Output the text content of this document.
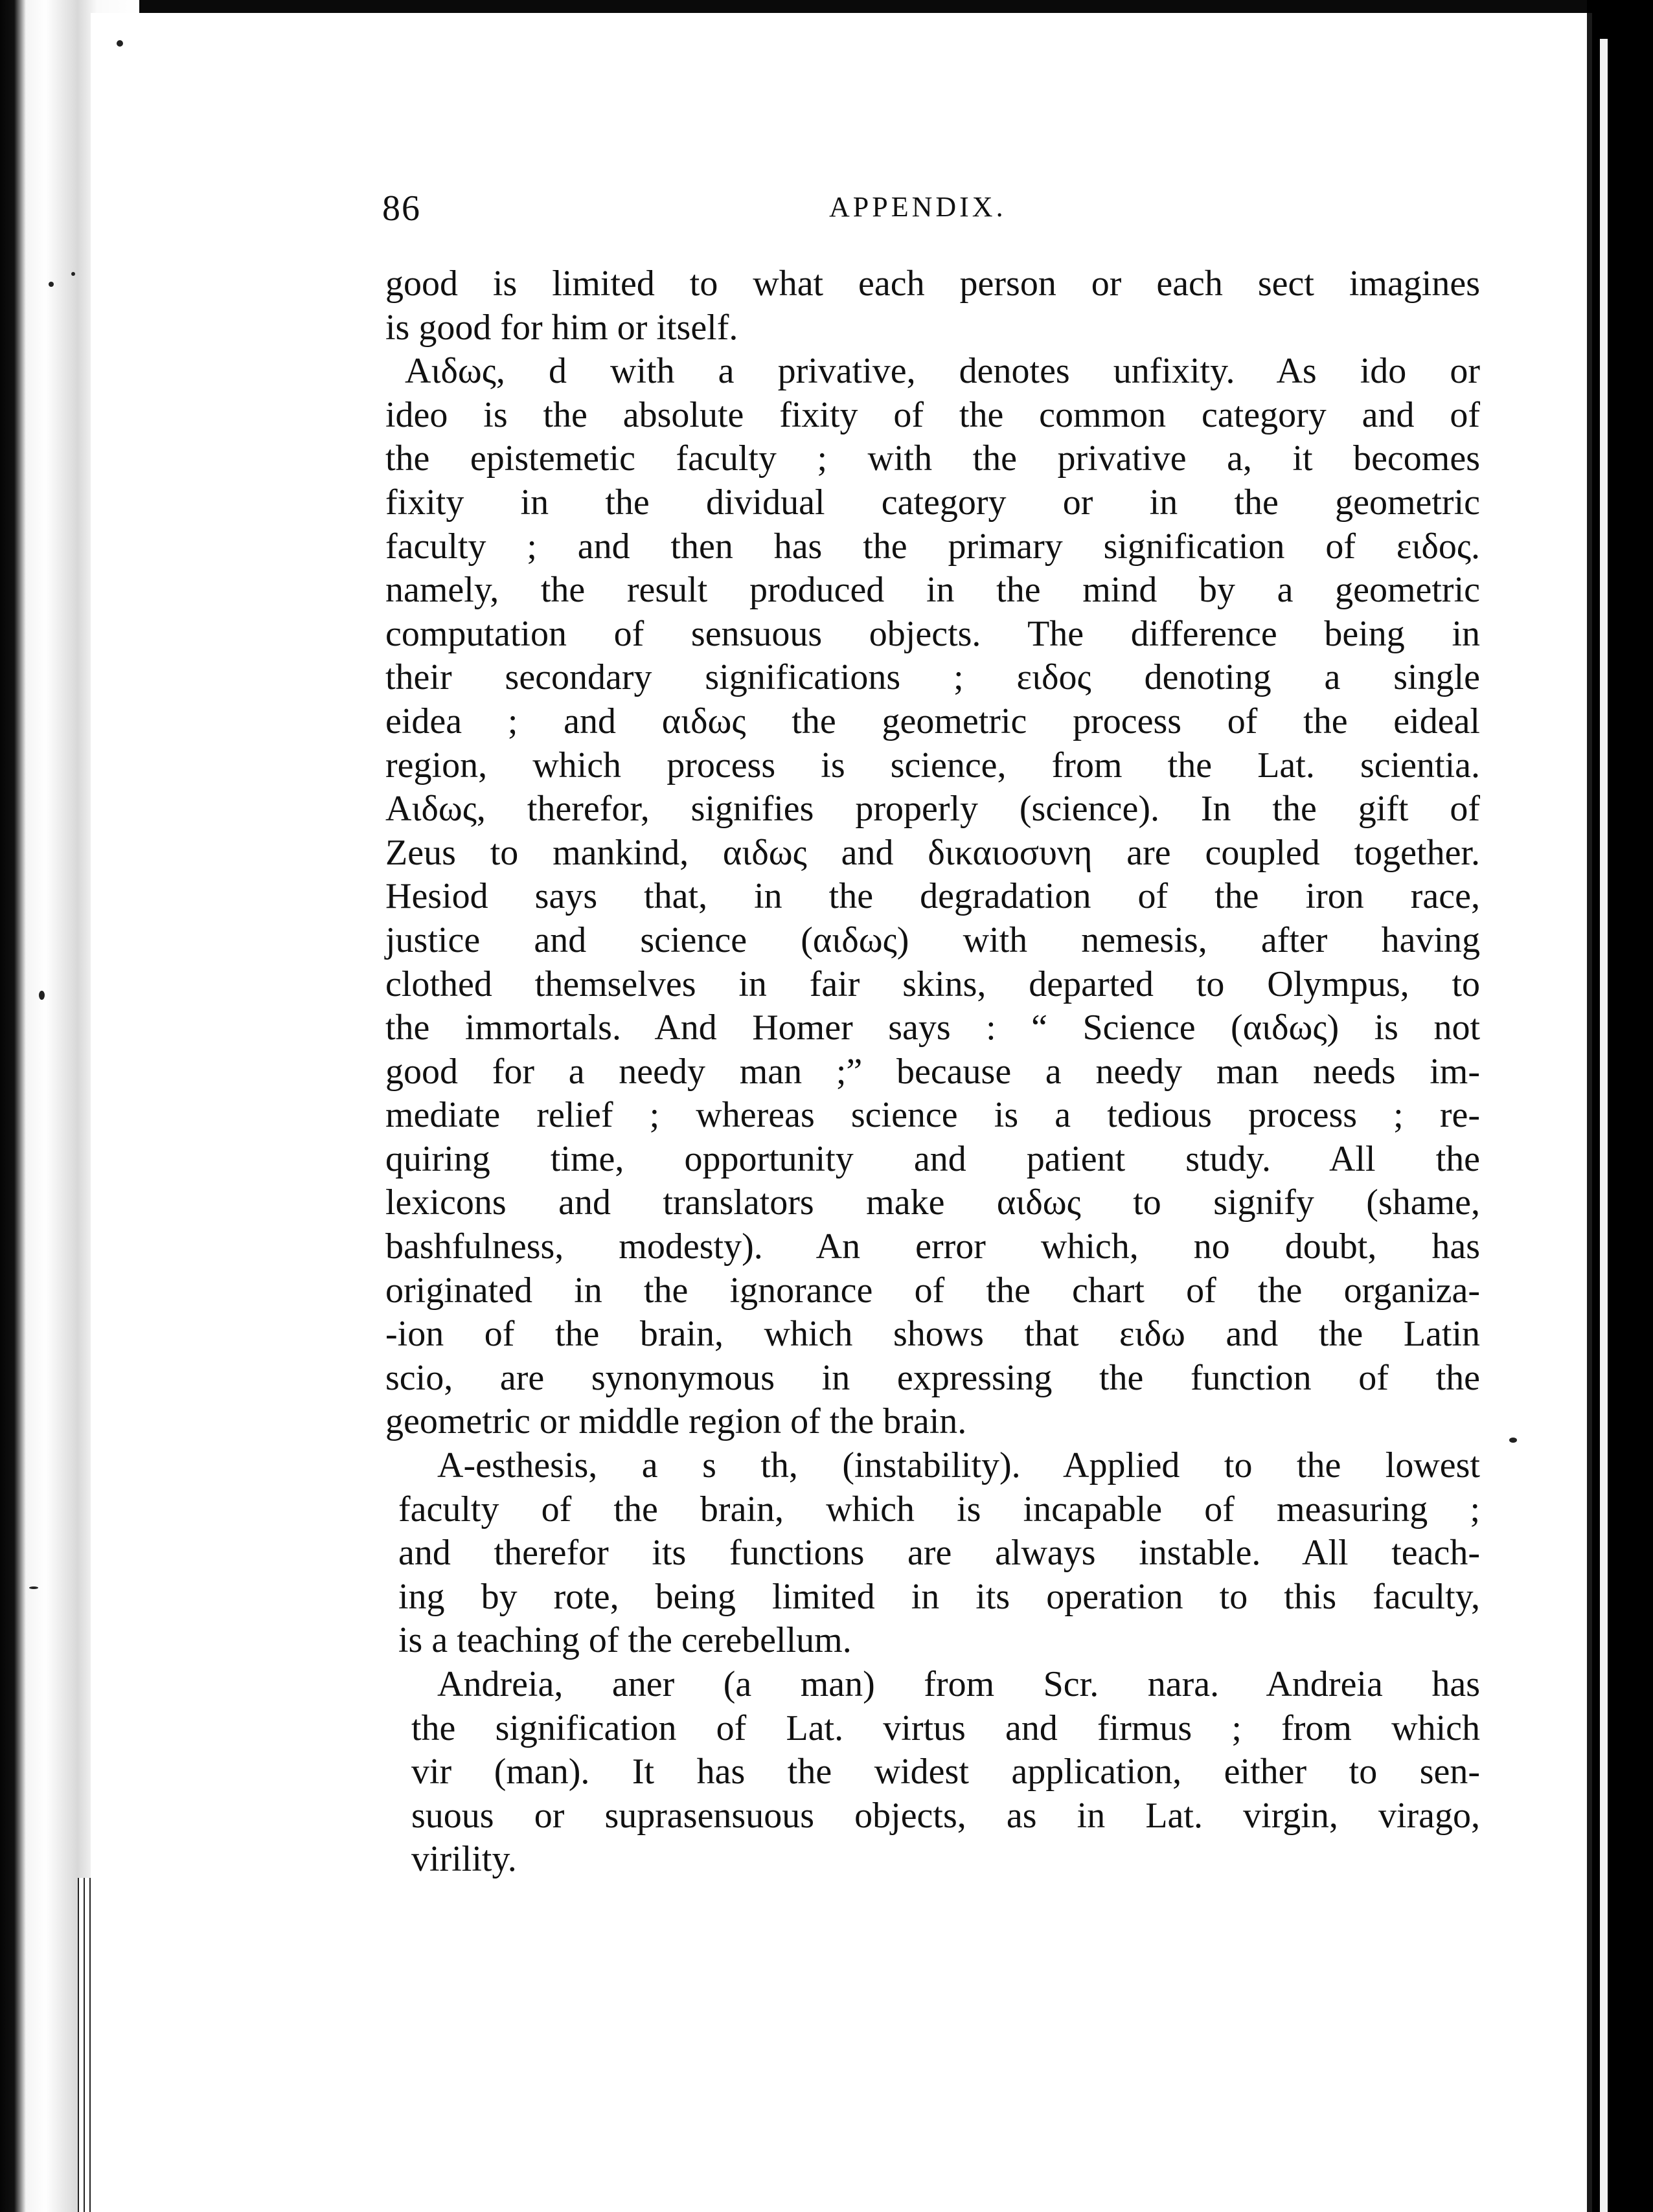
86	APPENDIX.
good is limited to what each person or each sect imagines
is good for him or itself.
Αιδως, d with a privative, denotes unfixity. As ido or
ideo is the absolute fixity of the common category and of
the epistemetic faculty ; with the privative a, it becomes
fixity in the dividual category or in the geometric
faculty ; and then has the primary signification of ειδος.
namely, the result produced in the mind by a geometric
computation of sensuous objects. The difference being in
their secondary significations ; ειδος denoting a single
eidea ; and αιδως the geometric process of the eideal
region, which process is science, from the Lat. scientia.
Αιδως, therefor, signifies properly (science). In the gift of
Zeus to mankind, αιδως and δικαιοσυνη are coupled together.
Hesiod says that, in the degradation of the iron race,
justice and science (αιδως) with nemesis, after having
clothed themselves in fair skins, departed to Olympus, to
the immortals. And Homer says : “ Science (αιδως) is not
good for a needy man ;” because a needy man needs im-
mediate relief ; whereas science is a tedious process ; re-
quiring time, opportunity and patient study. All the
lexicons and translators make αιδως to signify (shame,
bashfulness, modesty). An error which, no doubt, has
originated in the ignorance of the chart of the organiza-
-ion of the brain, which shows that ειδω and the Latin
scio, are synonymous in expressing the function of the
geometric or middle region of the brain.
A-esthesis, a s th, (instability). Applied to the lowest
faculty of the brain, which is incapable of measuring ;
and therefor its functions are always instable. All teach-
ing by rote, being limited in its operation to this faculty,
is a teaching of the cerebellum.
Andreia, aner (a man) from Scr. nara. Andreia has
the signification of Lat. virtus and firmus ; from which
vir (man). It has the widest application, either to sen-
suous or suprasensuous objects, as in Lat. virgin, virago,
virility.
